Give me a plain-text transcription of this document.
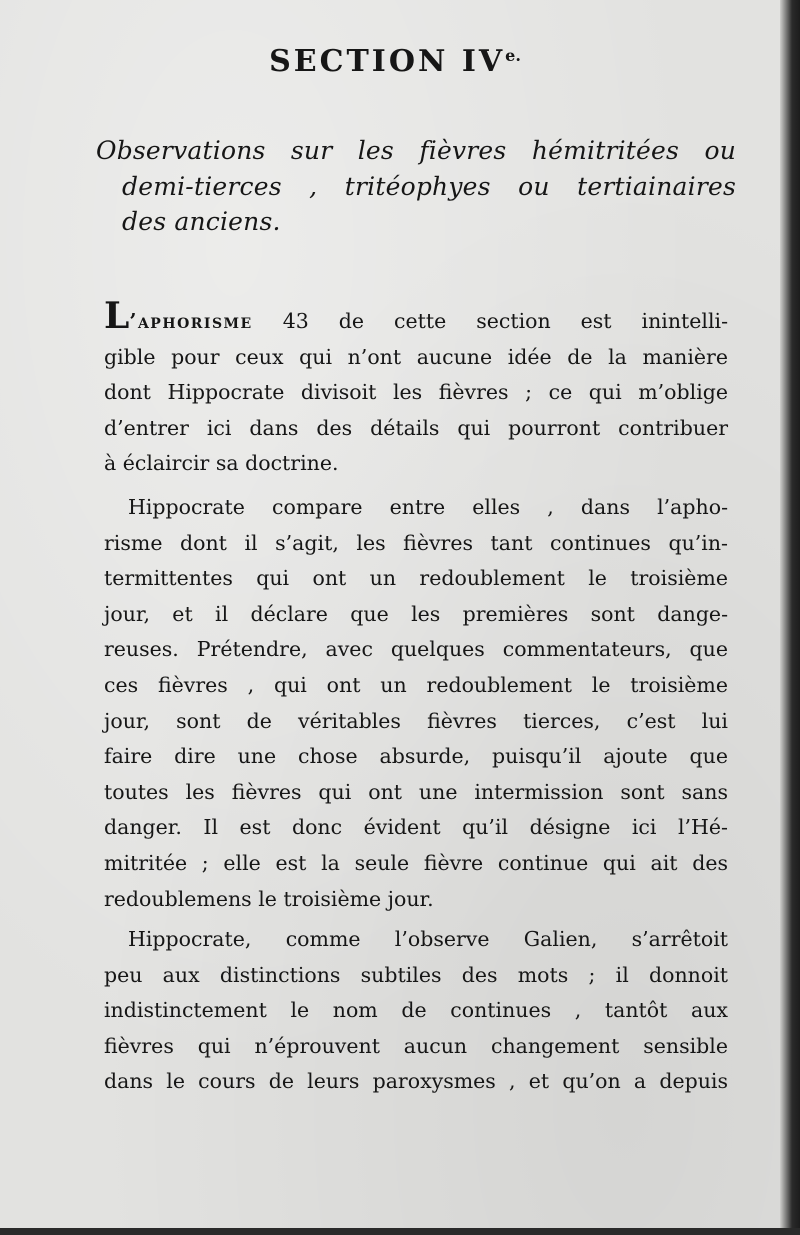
SECTION $IV^{e.}$
Observations sur les fièvres hémitritées ou
demi-tierces , tritéophyes ou tertiainaires
des anciens.
L’aphorisme 43 de cette section est inintelli-
gible pour ceux qui n’ont aucune idée de la manière
dont Hippocrate divisoit les fièvres ; ce qui m’oblige
d’entrer ici dans des détails qui pourront contribuer
à éclaircir sa doctrine.
Hippocrate compare entre elles , dans l’apho-
risme dont il s’agit, les fièvres tant continues qu’in-
termittentes qui ont un redoublement le troisième
jour, et il déclare que les premières sont dange-
reuses. Prétendre, avec quelques commentateurs, que
ces fièvres , qui ont un redoublement le troisième
jour, sont de véritables fièvres tierces, c’est lui
faire dire une chose absurde, puisqu’il ajoute que
toutes les fièvres qui ont une intermission sont sans
danger. Il est donc évident qu’il désigne ici l’Hé-
mitritée ; elle est la seule fièvre continue qui ait des
redoublemens le troisième jour.
Hippocrate, comme l’observe Galien, s’arrêtoit
peu aux distinctions subtiles des mots ; il donnoit
indistinctement le nom de continues , tantôt aux
fièvres qui n’éprouvent aucun changement sensible
dans le cours de leurs paroxysmes , et qu’on a depuis
